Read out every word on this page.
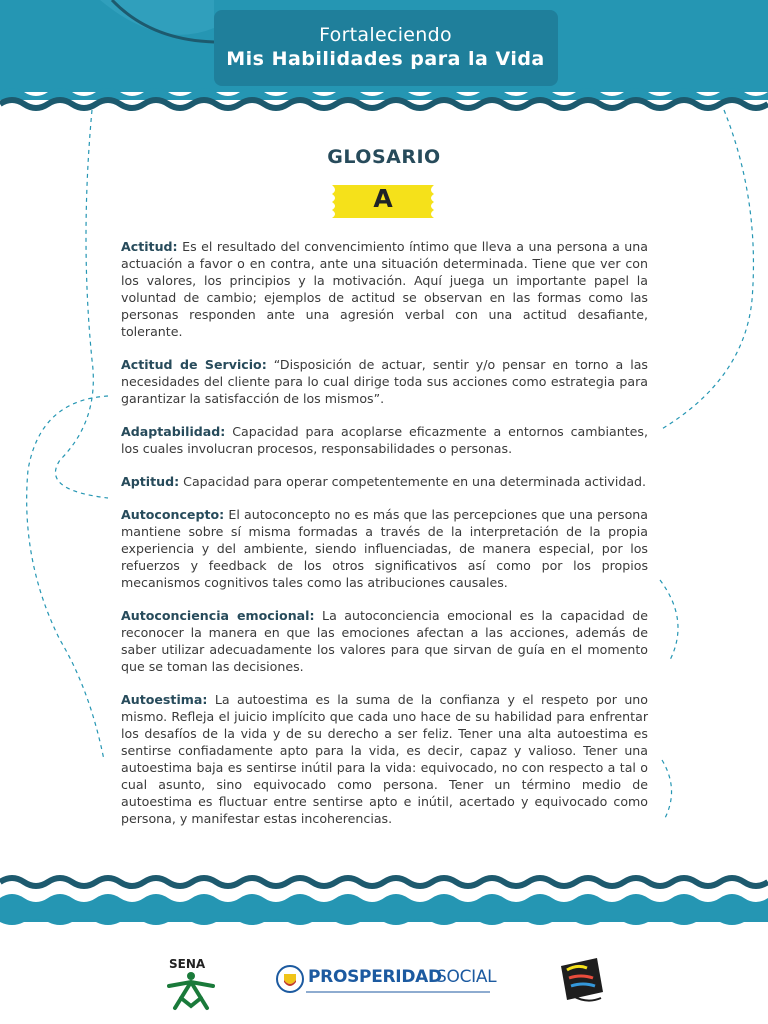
Fortaleciendo
Mis Habilidades para la Vida
GLOSARIO
A

Actitud: Es el resultado del convencimiento íntimo que lleva a una persona a una actuación a favor o en contra, ante una situación determinada. Tiene que ver con los valores, los principios y la motivación. Aquí juega un importante papel la voluntad de cambio; ejemplos de actitud se observan en las formas como las personas responden ante una agresión verbal con una actitud desafiante, tolerante.

Actitud de Servicio: “Disposición de actuar, sentir y/o pensar en torno a las necesidades del cliente para lo cual dirige toda sus acciones como estrategia para garantizar la satisfacción de los mismos”.

Adaptabilidad: Capacidad para acoplarse eficazmente a entornos cambiantes, los cuales involucran procesos, responsabilidades o personas.

Aptitud: Capacidad para operar competentemente en una determinada actividad.

Autoconcepto: El autoconcepto no es más que las percepciones que una persona mantiene sobre sí misma formadas a través de la interpretación de la propia experiencia y del ambiente, siendo influenciadas, de manera especial, por los refuerzos y feedback de los otros significativos así como por los propios mecanismos cognitivos tales como las atribuciones causales.

Autoconciencia emocional: La autoconciencia emocional es la capacidad de reconocer la manera en que las emociones afectan a las acciones, además de saber utilizar adecuadamente los valores para que sirvan de guía en el momento que se toman las decisiones.

Autoestima: La autoestima es la suma de la confianza y el respeto por uno mismo. Refleja el juicio implícito que cada uno hace de su habilidad para enfrentar los desafíos de la vida y de su derecho a ser feliz. Tener una alta autoestima es sentirse confiadamente apto para la vida, es decir, capaz y valioso. Tener una autoestima baja es sentirse inútil para la vida: equivocado, no con respecto a tal o cual asunto, sino equivocado como persona. Tener un término medio de autoestima es fluctuar entre sentirse apto e inútil, acertado y equivocado como persona, y manifestar estas incoherencias.

SENA
PROSPERIDAD
SOCIAL
